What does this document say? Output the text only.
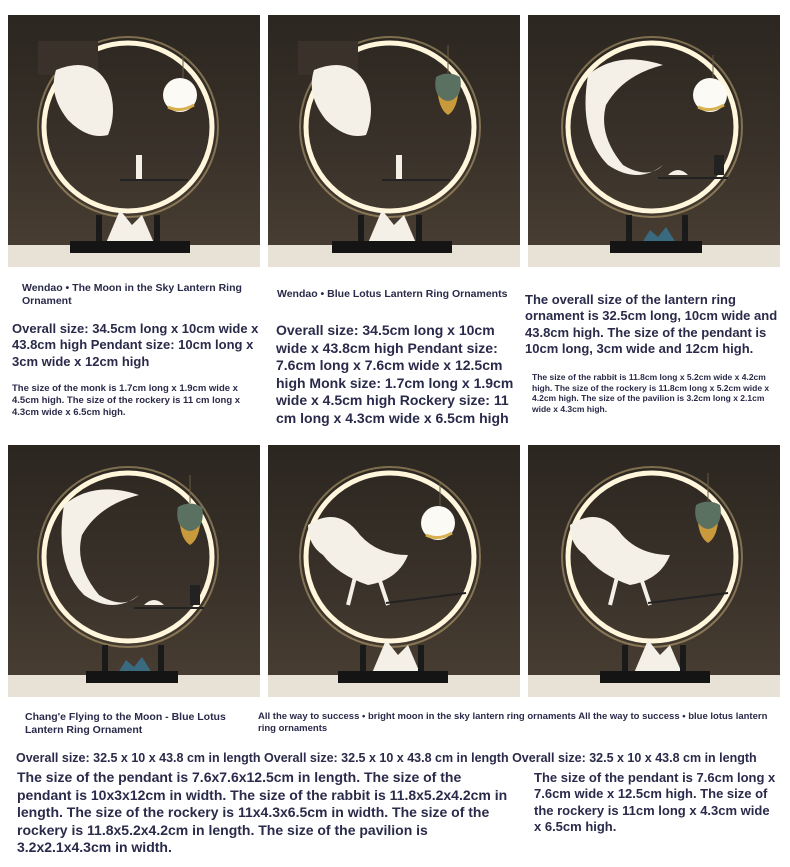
Wendao • The Moon in the Sky Lantern Ring Ornament
Overall size: 34.5cm long x 10cm wide x 43.8cm high Pendant size: 10cm long x 3cm wide x 12cm high
The size of the monk is 1.7cm long x 1.9cm wide x 4.5cm high. The size of the rockery is 11 cm long x 4.3cm wide x 6.5cm high.
Wendao • Blue Lotus Lantern Ring Ornaments
Overall size: 34.5cm long x 10cm wide x 43.8cm high Pendant size: 7.6cm long x 7.6cm wide x 12.5cm high Monk size: 1.7cm long x 1.9cm wide x 4.5cm high Rockery size: 11 cm long x 4.3cm wide x 6.5cm high
The overall size of the lantern ring ornament is 32.5cm long, 10cm wide and 43.8cm high. The size of the pendant is 10cm long, 3cm wide and 12cm high.
The size of the rabbit is 11.8cm long x 5.2cm wide x 4.2cm high. The size of the rockery is 11.8cm long x 5.2cm wide x 4.2cm high. The size of the pavilion is 3.2cm long x 2.1cm wide x 4.3cm high.
Chang'e Flying to the Moon - Blue Lotus Lantern Ring Ornament
All the way to success • bright moon in the sky lantern ring ornaments All the way to success • blue lotus lantern ring ornaments
Overall size: 32.5 x 10 x 43.8 cm in length Overall size: 32.5 x 10 x 43.8 cm in length Overall size: 32.5 x 10 x 43.8 cm in length
The size of the pendant is 7.6x7.6x12.5cm in length. The size of the pendant is 10x3x12cm in width. The size of the rabbit is 11.8x5.2x4.2cm in length. The size of the rockery is 11x4.3x6.5cm in width. The size of the rockery is 11.8x5.2x4.2cm in length. The size of the pavilion is 3.2x2.1x4.3cm in width.
The size of the pendant is 7.6cm long x 7.6cm wide x 12.5cm high. The size of the rockery is 11cm long x 4.3cm wide x 6.5cm high.
